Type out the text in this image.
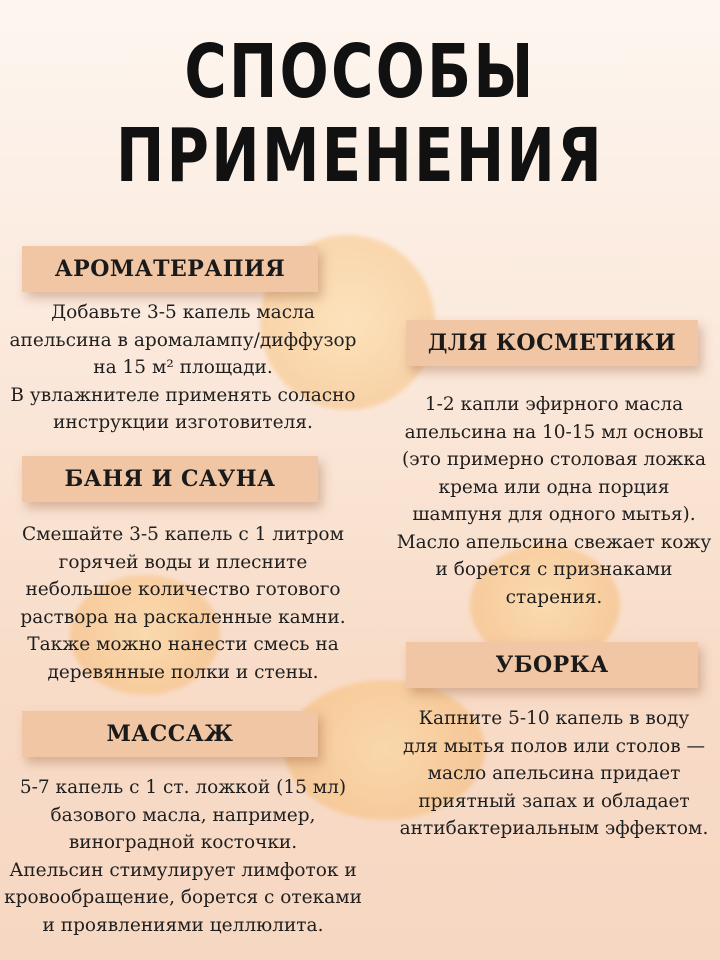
СПОСОБЫ
ПРИМЕНЕНИЯ
АРОМАТЕРАПИЯ
Добавьте 3-5 капель масла
апельсина в аромалампу/диффузор
на 15 м² площади.
В увлажнителе применять соласно
инструкции изготовителя.
БАНЯ И САУНА
Смешайте 3-5 капель с 1 литром
горячей воды и плесните
небольшое количество готового
раствора на раскаленные камни.
Также можно нанести смесь на
деревянные полки и стены.
МАССАЖ
5-7 капель с 1 ст. ложкой (15 мл)
базового масла, например,
виноградной косточки.
Апельсин стимулирует лимфоток и
кровообращение, борется с отеками
и проявлениями целлюлита.
ДЛЯ КОСМЕТИКИ
1-2 капли эфирного масла
апельсина на 10-15 мл основы
(это примерно столовая ложка
крема или одна порция
шампуня для одного мытья).
Масло апельсина свежает кожу
и борется с признаками
старения.
УБОРКА
Капните 5-10 капель в воду
для мытья полов или столов —
масло апельсина придает
приятный запах и обладает
антибактериальным эффектом.
